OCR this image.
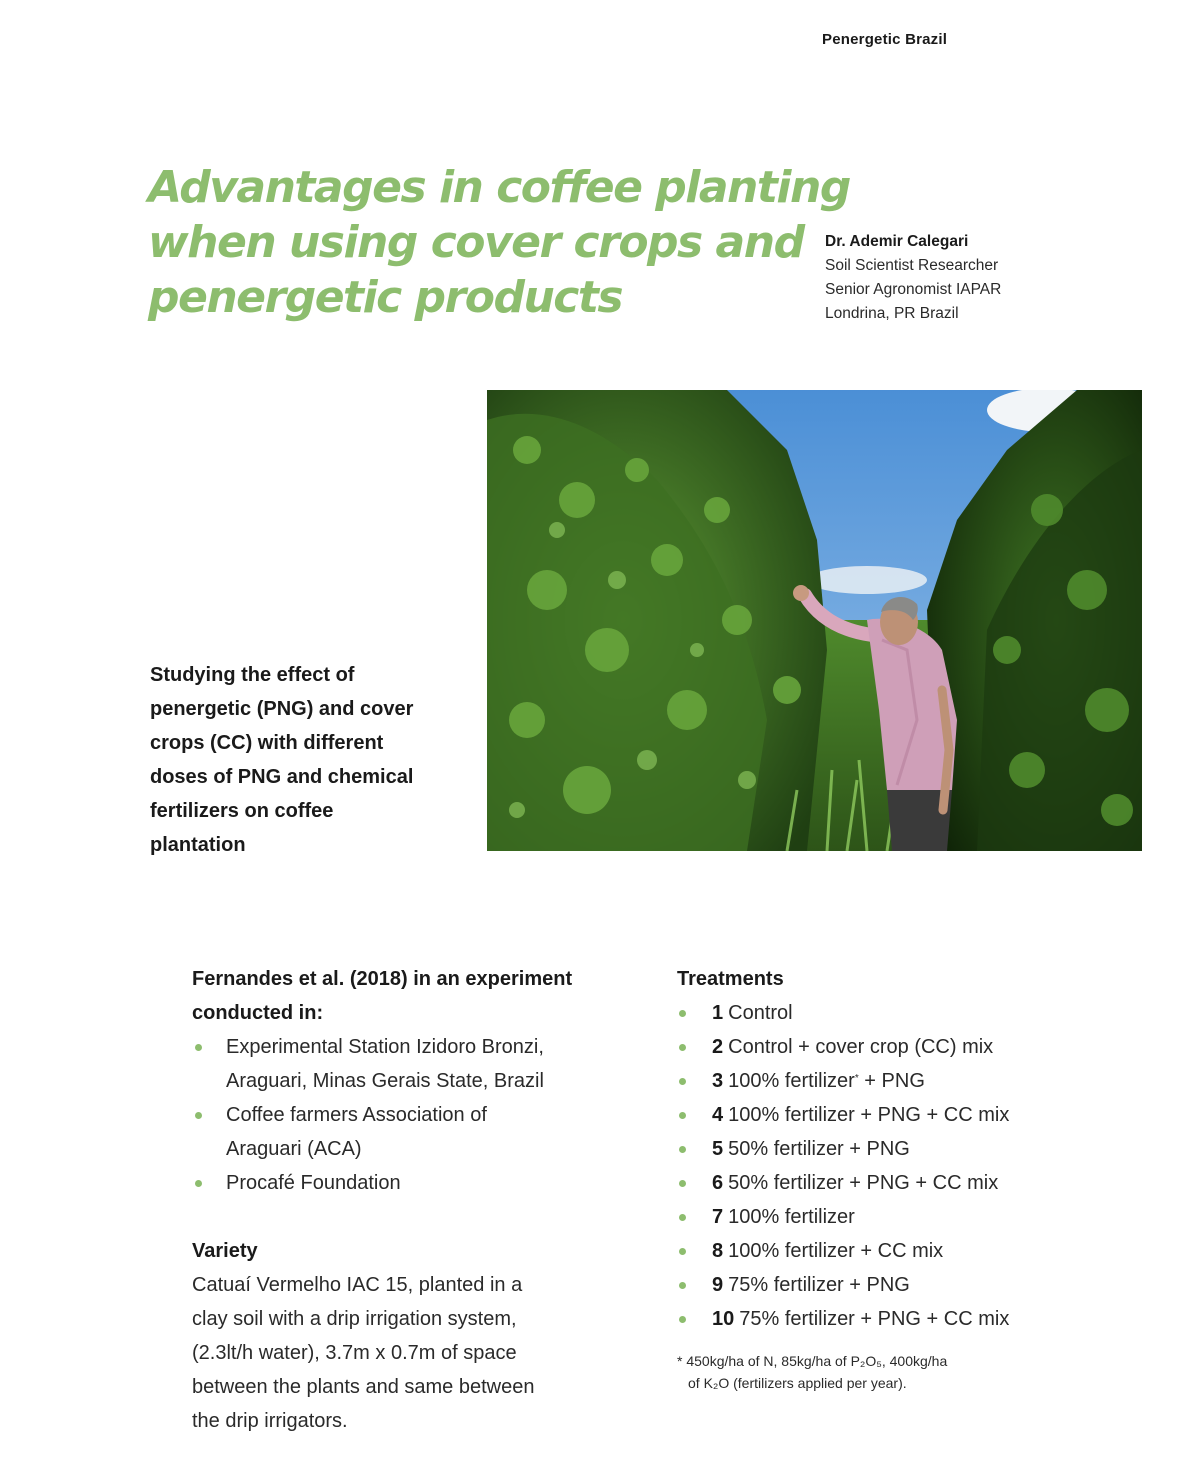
Penergetic Brazil
Advantages in coffee planting
when using cover crops and
penergetic products
Dr. Ademir Calegari
Soil Scientist Researcher
Senior Agronomist IAPAR
Londrina, PR Brazil
Studying the effect of
penergetic (PNG) and cover
crops (CC) with different
doses of PNG and chemical
fertilizers on coffee
plantation
Fernandes et al. (2018) in an experiment
conducted in:
Experimental Station Izidoro Bronzi,
Araguari, Minas Gerais State, Brazil
Coffee farmers Association of
Araguari (ACA)
Procafé Foundation
Variety
Catuaí Vermelho IAC 15, planted in a
clay soil with a drip irrigation system,
(2.3lt/h water), 3.7m x 0.7m of space
between the plants and same between
the drip irrigators.
Treatments
1 Control
2 Control + cover crop (CC) mix
3 100% fertilizer* + PNG
4 100% fertilizer + PNG + CC mix
5 50% fertilizer + PNG
6 50% fertilizer + PNG + CC mix
7 100% fertilizer
8 100% fertilizer + CC mix
9 75% fertilizer + PNG
10 75% fertilizer + PNG + CC mix
* 450kg/ha of N, 85kg/ha of P₂O₅, 400kg/ha
of K₂O (fertilizers applied per year).
